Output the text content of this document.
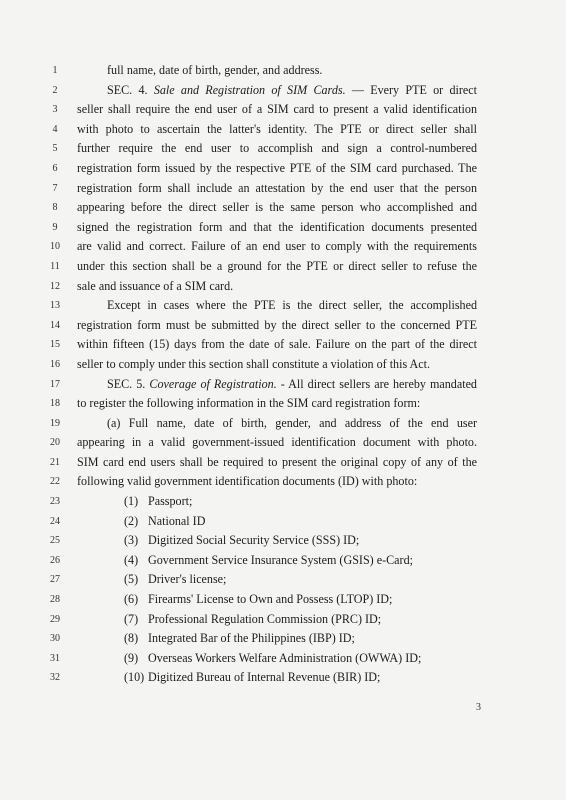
1	full name, date of birth, gender, and address.
2	SEC. 4. Sale and Registration of SIM Cards. — Every PTE or direct
3	seller shall require the end user of a SIM card to present a valid identification
4	with photo to ascertain the latter's identity. The PTE or direct seller shall
5	further require the end user to accomplish and sign a control-numbered
6	registration form issued by the respective PTE of the SIM card purchased. The
7	registration form shall include an attestation by the end user that the person
8	appearing before the direct seller is the same person who accomplished and
9	signed the registration form and that the identification documents presented
10	are valid and correct. Failure of an end user to comply with the requirements
11	under this section shall be a ground for the PTE or direct seller to refuse the
12	sale and issuance of a SIM card.
13	Except in cases where the PTE is the direct seller, the accomplished
14	registration form must be submitted by the direct seller to the concerned PTE
15	within fifteen (15) days from the date of sale. Failure on the part of the direct
16	seller to comply under this section shall constitute a violation of this Act.
17	SEC. 5. Coverage of Registration. - All direct sellers are hereby mandated
18	to register the following information in the SIM card registration form:
19	(a) Full name, date of birth, gender, and address of the end user
20	appearing in a valid government-issued identification document with photo.
21	SIM card end users shall be required to present the original copy of any of the
22	following valid government identification documents (ID) with photo:
23	(1) Passport;
24	(2) National ID
25	(3) Digitized Social Security Service (SSS) ID;
26	(4) Government Service Insurance System (GSIS) e-Card;
27	(5) Driver's license;
28	(6) Firearms' License to Own and Possess (LTOP) ID;
29	(7) Professional Regulation Commission (PRC) ID;
30	(8) Integrated Bar of the Philippines (IBP) ID;
31	(9) Overseas Workers Welfare Administration (OWWA) ID;
32	(10) Digitized Bureau of Internal Revenue (BIR) ID;
3
